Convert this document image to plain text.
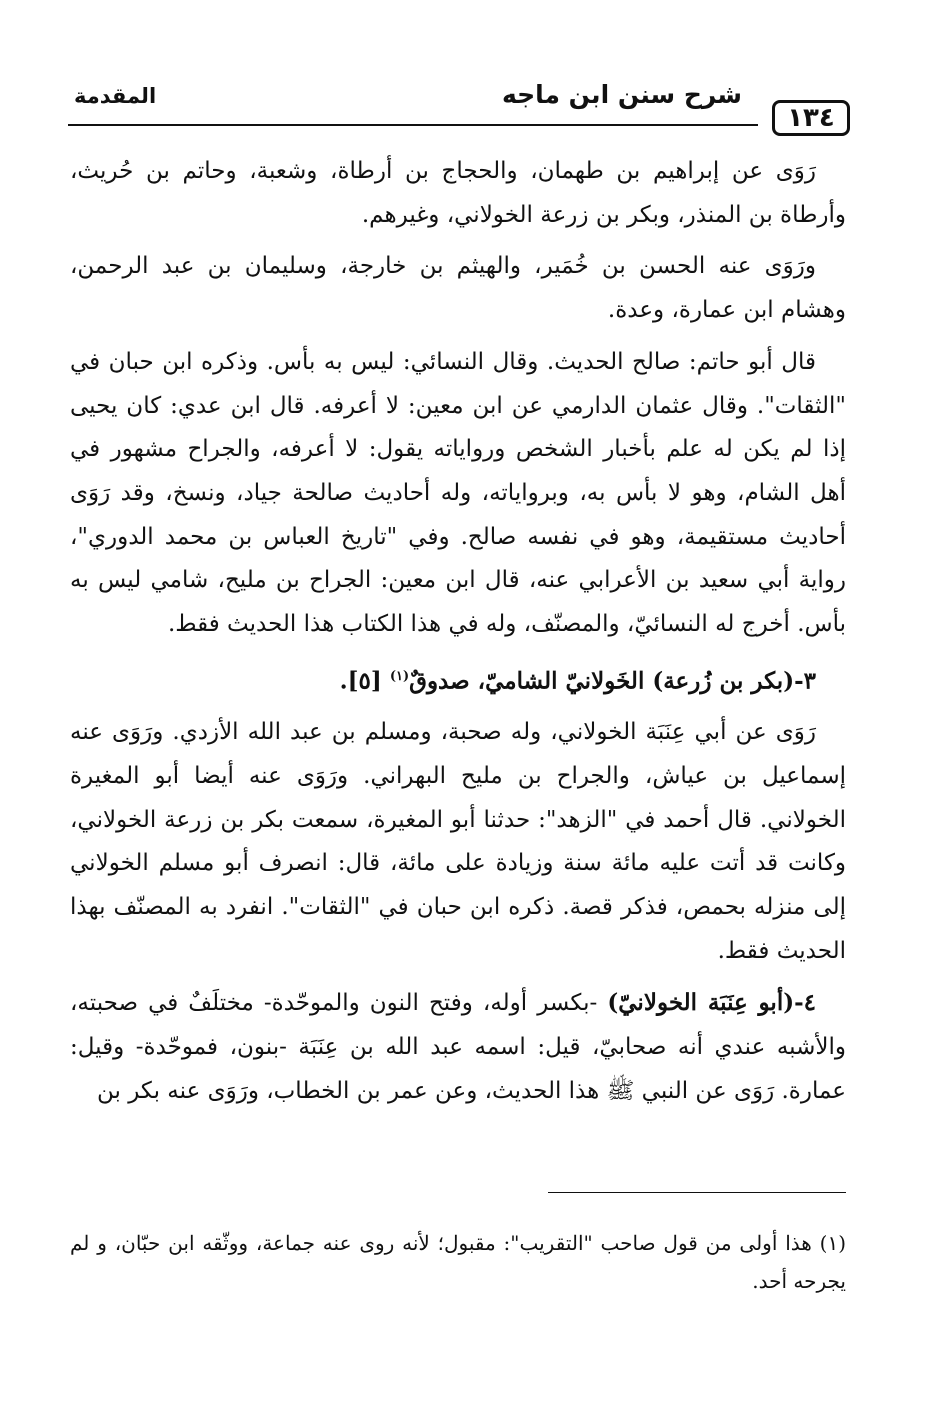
المقدمة	شرح سنن ابن ماجه
١٣٤

رَوَى عن إبراهيم بن طهمان، والحجاج بن أرطاة، وشعبة، وحاتم بن حُريث، وأرطاة بن المنذر، وبكر بن زرعة الخولاني، وغيرهم.

ورَوَى عنه الحسن بن خُمَير، والهيثم بن خارجة، وسليمان بن عبد الرحمن، وهشام ابن عمارة، وعدة.

قال أبو حاتم: صالح الحديث. وقال النسائي: ليس به بأس. وذكره ابن حبان في "الثقات". وقال عثمان الدارمي عن ابن معين: لا أعرفه. قال ابن عدي: كان يحيى إذا لم يكن له علم بأخبار الشخص ورواياته يقول: لا أعرفه، والجراح مشهور في أهل الشام، وهو لا بأس به، وبرواياته، وله أحاديث صالحة جياد، ونسخ، وقد رَوَى أحاديث مستقيمة، وهو في نفسه صالح. وفي "تاريخ العباس بن محمد الدوري"، رواية أبي سعيد بن الأعرابي عنه، قال ابن معين: الجراح بن مليح، شامي ليس به بأس. أخرج له النسائيّ، والمصنّف، وله في هذا الكتاب هذا الحديث فقط.

٣-(بكر بن زُرعة) الخَولانيّ الشاميّ، صدوقٌ$^{(١)}$ [٥].

رَوَى عن أبي عِنَبَة الخولاني، وله صحبة، ومسلم بن عبد الله الأزدي. ورَوَى عنه إسماعيل بن عياش، والجراح بن مليح البهراني. ورَوَى عنه أيضا أبو المغيرة الخولاني. قال أحمد في "الزهد": حدثنا أبو المغيرة، سمعت بكر بن زرعة الخولاني، وكانت قد أتت عليه مائة سنة وزيادة على مائة، قال: انصرف أبو مسلم الخولاني إلى منزله بحمص، فذكر قصة. ذكره ابن حبان في "الثقات". انفرد به المصنّف بهذا الحديث فقط.

٤-(أبو عِنَبَة الخولانيّ) -بكسر أوله، وفتح النون والموحّدة- مختلَفٌ في صحبته، والأشبه عندي أنه صحابيّ، قيل: اسمه عبد الله بن عِنَبَة -بنون، فموحّدة- وقيل: عمارة. رَوَى عن النبي ﷺ هذا الحديث، وعن عمر بن الخطاب، ورَوَى عنه بكر بن

(١) هذا أولى من قول صاحب "التقريب": مقبول؛ لأنه روى عنه جماعة، ووثّقه ابن حبّان، و لم يجرحه أحد.
